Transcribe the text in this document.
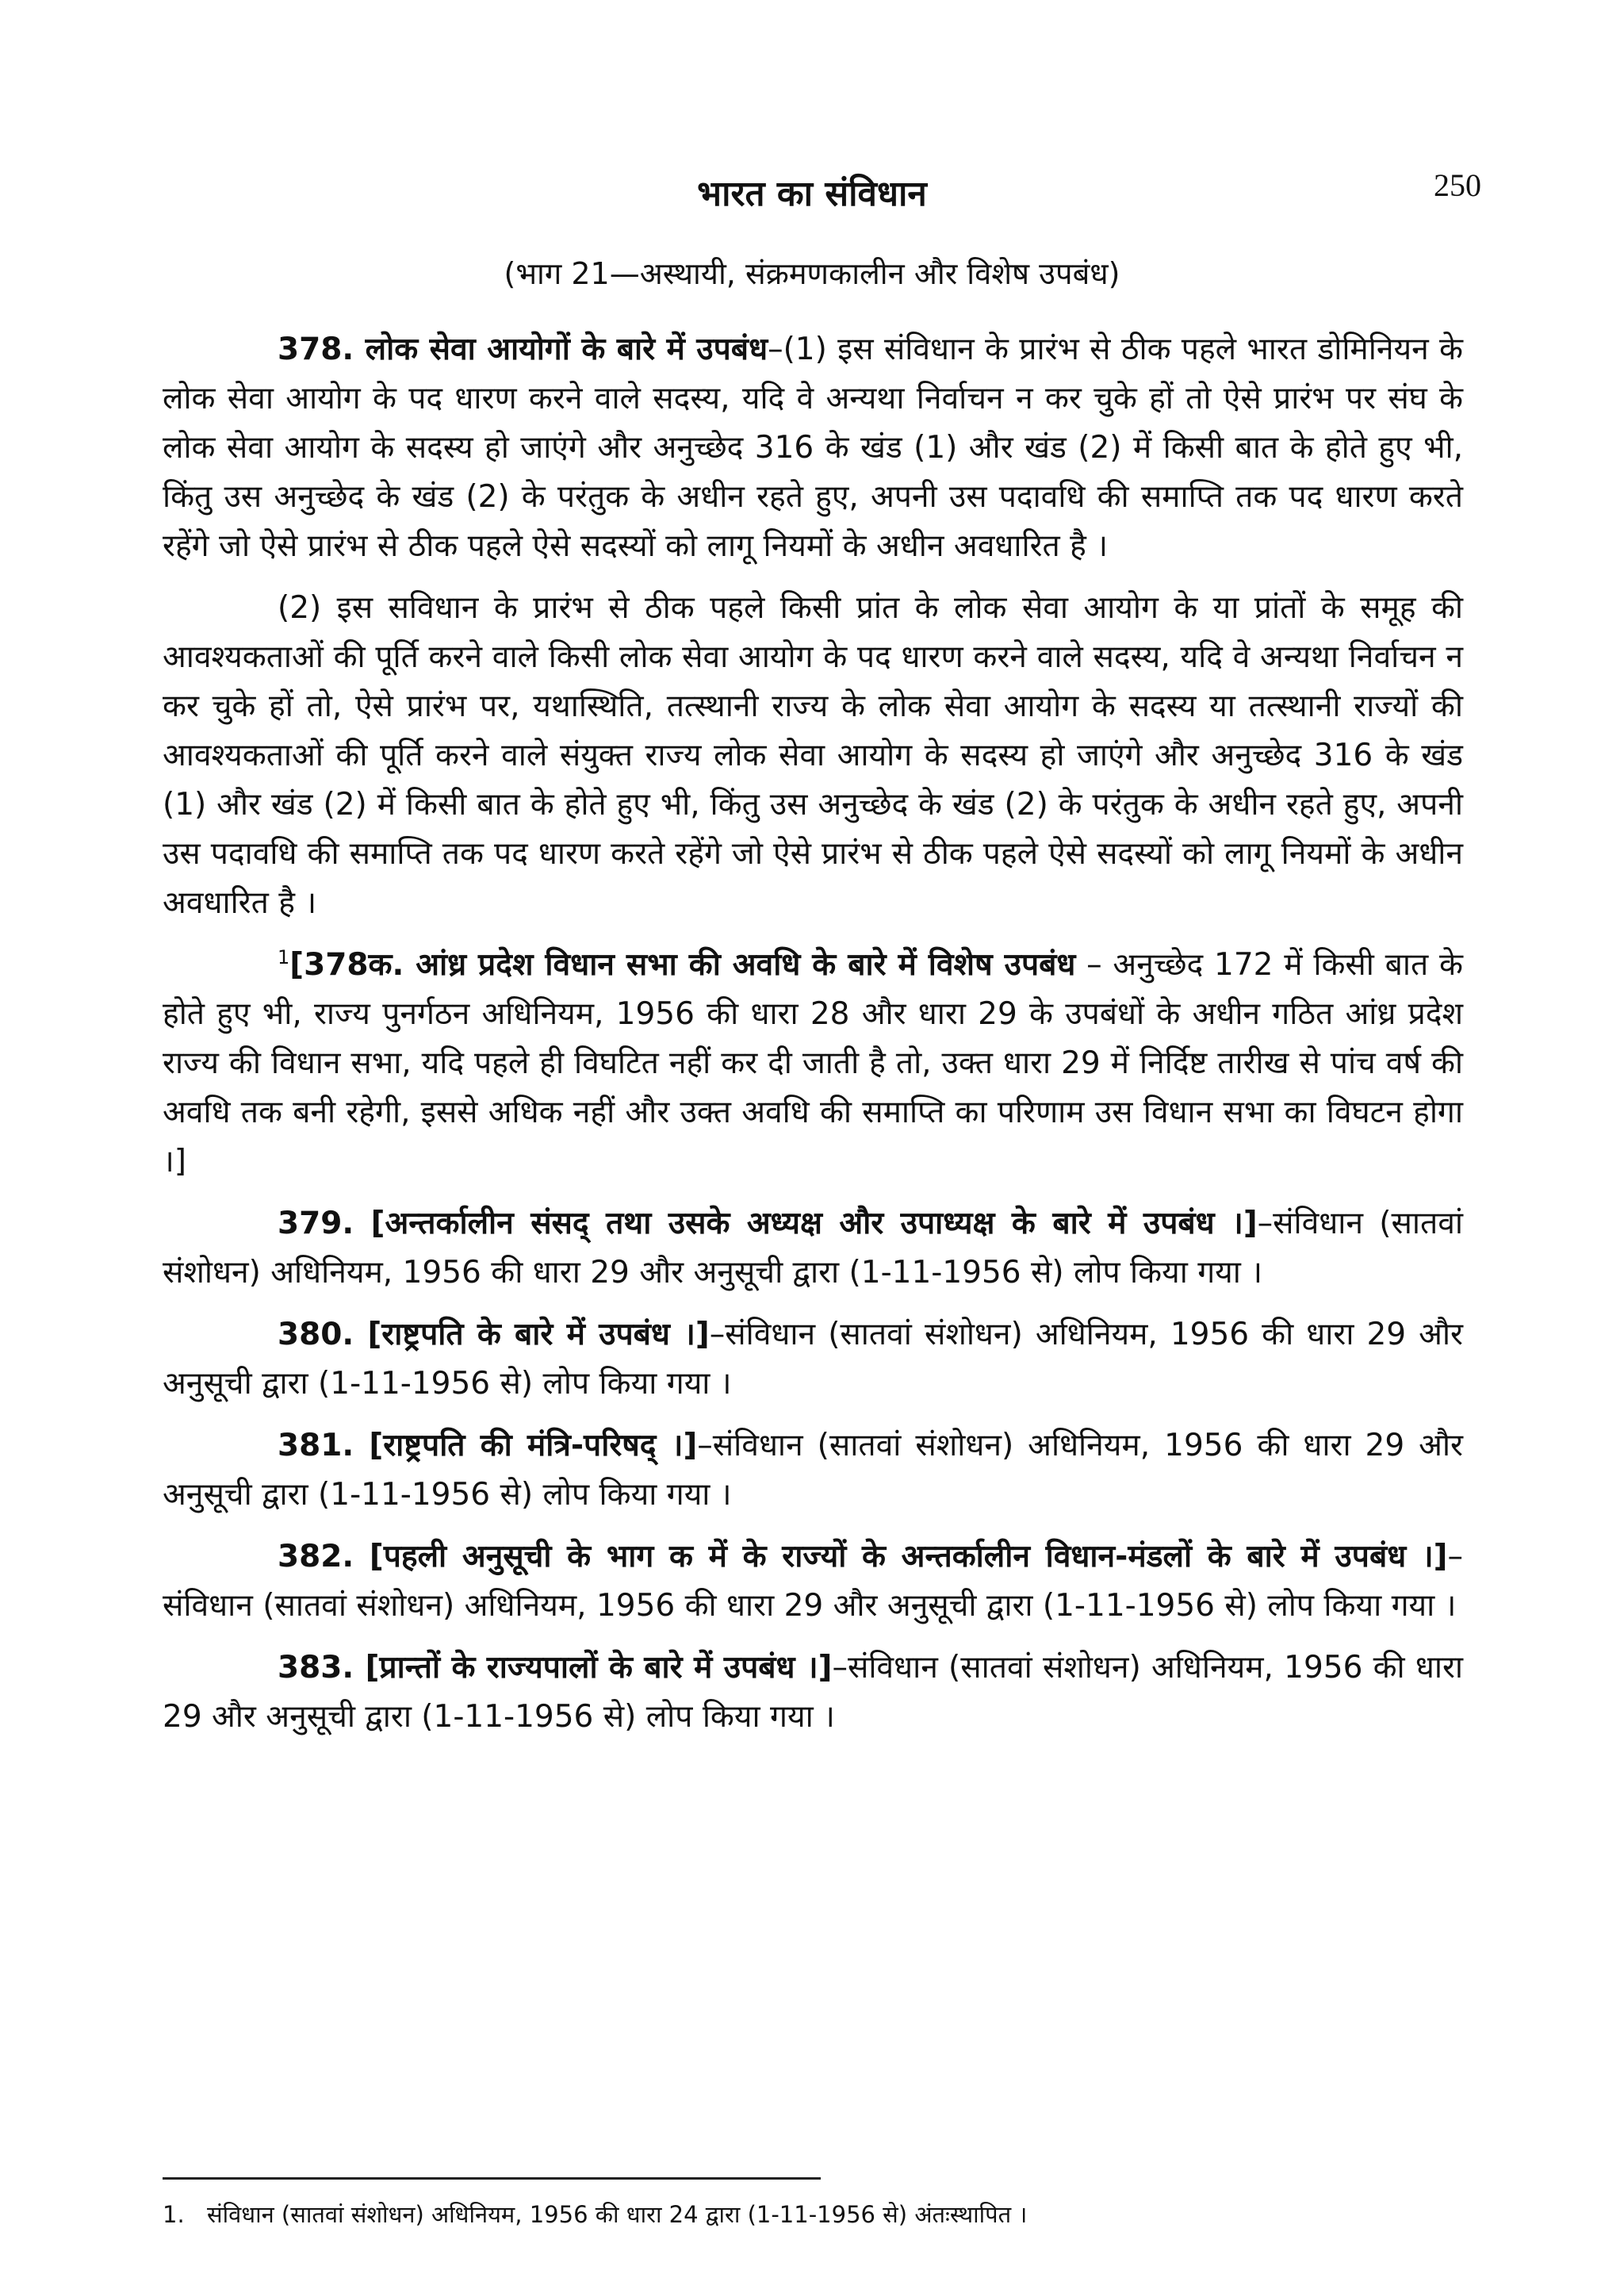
250
भारत का संविधान
(भाग 21—अस्थायी, संक्रमणकालीन और विशेष उपबंध)

378. लोक सेवा आयोगों के बारे में उपबंध–(1) इस संविधान के प्रारंभ से ठीक पहले भारत डोमिनियन के लोक सेवा आयोग के पद धारण करने वाले सदस्य, यदि वे अन्यथा निर्वाचन न कर चुके हों तो ऐसे प्रारंभ पर संघ के लोक सेवा आयोग के सदस्य हो जाएंगे और अनुच्छेद 316 के खंड (1) और खंड (2) में किसी बात के होते हुए भी, किंतु उस अनुच्छेद के खंड (2) के परंतुक के अधीन रहते हुए, अपनी उस पदावधि की समाप्ति तक पद धारण करते रहेंगे जो ऐसे प्रारंभ से ठीक पहले ऐसे सदस्यों को लागू नियमों के अधीन अवधारित है ।

(2) इस सविधान के प्रारंभ से ठीक पहले किसी प्रांत के लोक सेवा आयोग के या प्रांतों के समूह की आवश्यकताओं की पूर्ति करने वाले किसी लोक सेवा आयोग के पद धारण करने वाले सदस्य, यदि वे अन्यथा निर्वाचन न कर चुके हों तो, ऐसे प्रारंभ पर, यथास्थिति, तत्स्थानी राज्य के लोक सेवा आयोग के सदस्य या तत्स्थानी राज्यों की आवश्यकताओं की पूर्ति करने वाले संयुक्त राज्य लोक सेवा आयोग के सदस्य हो जाएंगे और अनुच्छेद 316 के खंड (1) और खंड (2) में किसी बात के होते हुए भी, किंतु उस अनुच्छेद के खंड (2) के परंतुक के अधीन रहते हुए, अपनी उस पदावधि की समाप्ति तक पद धारण करते रहेंगे जो ऐसे प्रारंभ से ठीक पहले ऐसे सदस्यों को लागू नियमों के अधीन अवधारित है ।

$^1$[378क. आंध्र प्रदेश विधान सभा की अवधि के बारे में विशेष उपबंध – अनुच्छेद 172 में किसी बात के होते हुए भी, राज्य पुनर्गठन अधिनियम, 1956 की धारा 28 और धारा 29 के उपबंधों के अधीन गठित आंध्र प्रदेश राज्य की विधान सभा, यदि पहले ही विघटित नहीं कर दी जाती है तो, उक्त धारा 29 में निर्दिष्ट तारीख से पांच वर्ष की अवधि तक बनी रहेगी, इससे अधिक नहीं और उक्त अवधि की समाप्ति का परिणाम उस विधान सभा का विघटन होगा ।]

379. [अन्तर्कालीन संसद् तथा उसके अध्यक्ष और उपाध्यक्ष के बारे में उपबंध ।]–संविधान (सातवां संशोधन) अधिनियम, 1956 की धारा 29 और अनुसूची द्वारा (1-11-1956 से) लोप किया गया ।

380. [राष्ट्रपति के बारे में उपबंध ।]–संविधान (सातवां संशोधन) अधिनियम, 1956 की धारा 29 और अनुसूची द्वारा (1-11-1956 से) लोप किया गया ।

381. [राष्ट्रपति की मंत्रि-परिषद् ।]–संविधान (सातवां संशोधन) अधिनियम, 1956 की धारा 29 और अनुसूची द्वारा (1-11-1956 से) लोप किया गया ।

382. [पहली अनुसूची के भाग क में के राज्यों के अन्तर्कालीन विधान-मंडलों के बारे में उपबंध ।]–संविधान (सातवां संशोधन) अधिनियम, 1956 की धारा 29 और अनुसूची द्वारा (1-11-1956 से) लोप किया गया ।

383. [प्रान्तों के राज्यपालों के बारे में उपबंध ।]–संविधान (सातवां संशोधन) अधिनियम, 1956 की धारा 29 और अनुसूची द्वारा (1-11-1956 से) लोप किया गया ।

1. संविधान (सातवां संशोधन) अधिनियम, 1956 की धारा 24 द्वारा (1-11-1956 से) अंतःस्थापित ।
